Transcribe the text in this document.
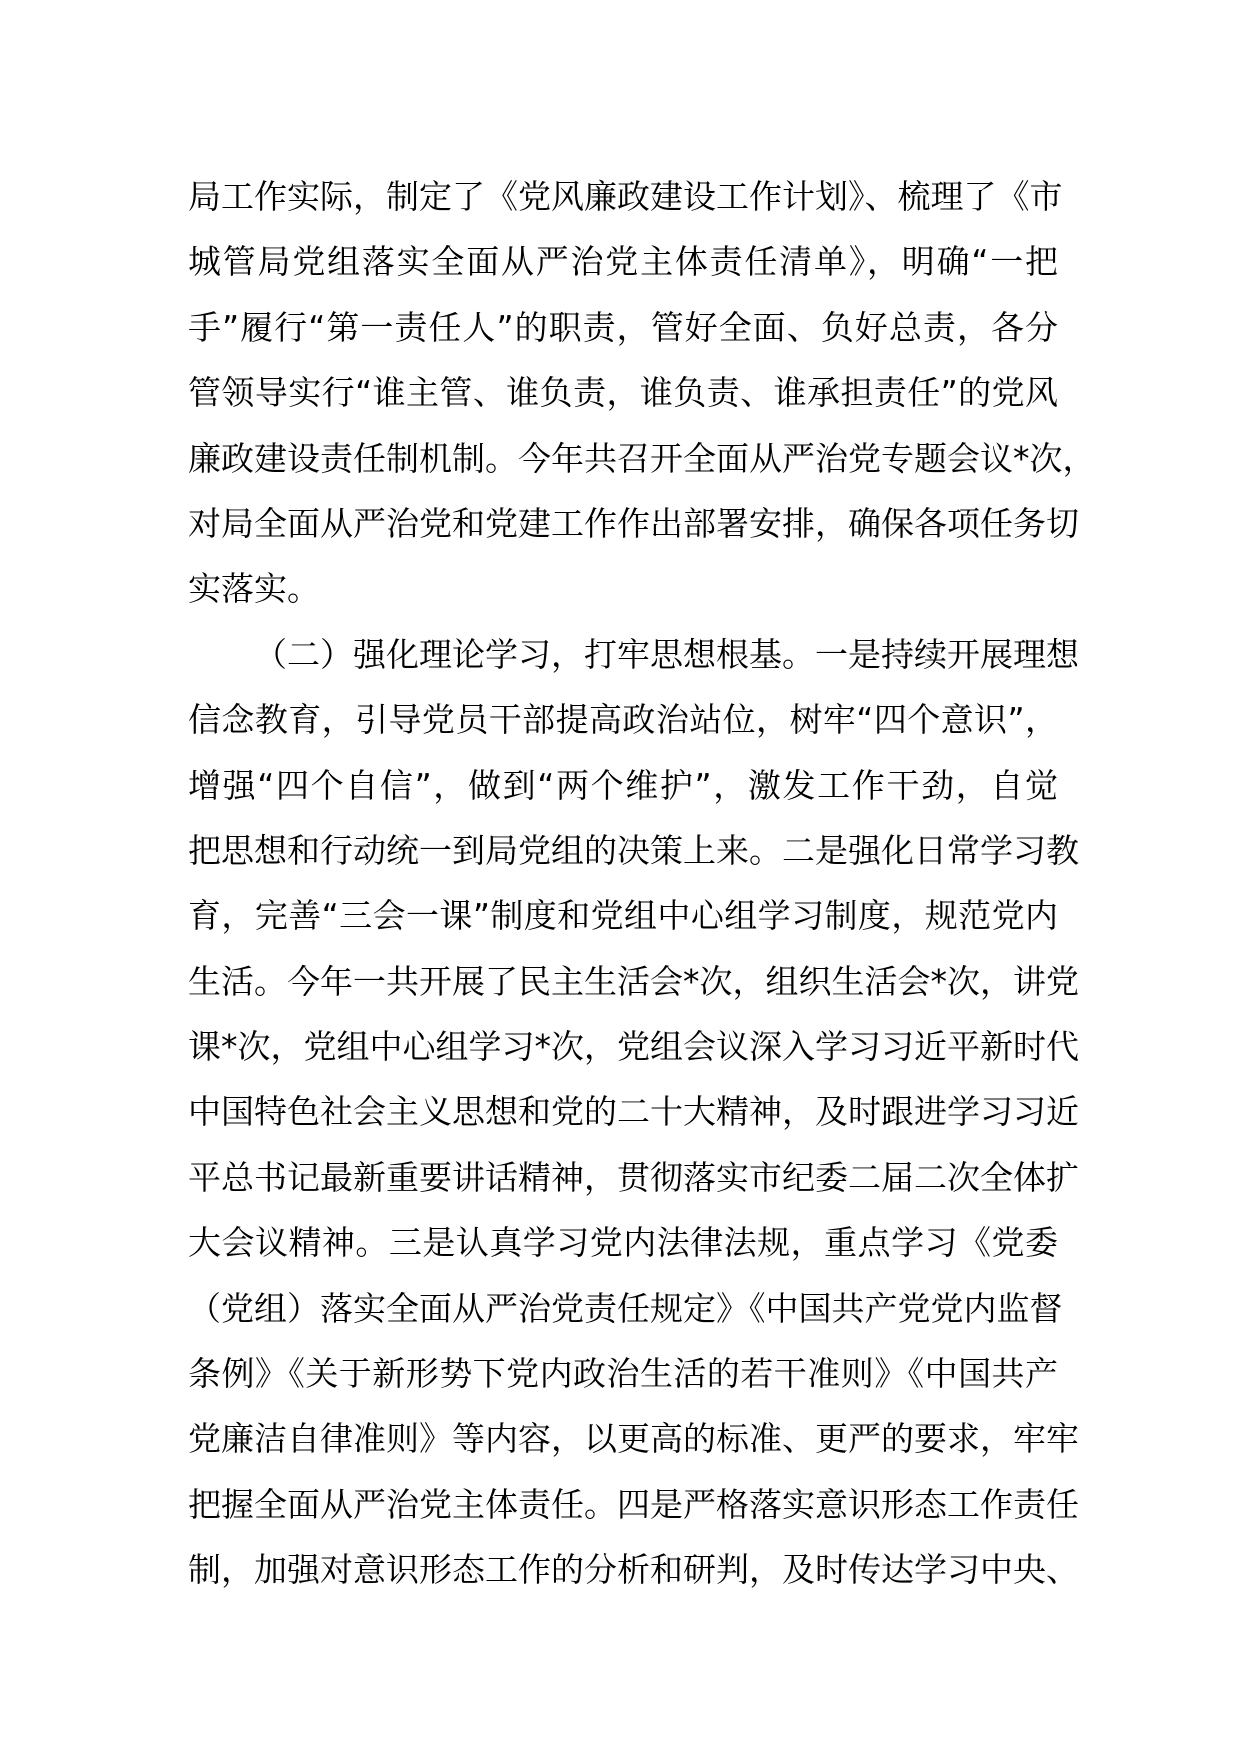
局工作实际，制定了《党风廉政建设工作计划》、梳理了《市
城管局党组落实全面从严治党主体责任清单》，明确“一把
手”履行“第一责任人”的职责，管好全面、负好总责，各分
管领导实行“谁主管、谁负责，谁负责、谁承担责任”的党风
廉政建设责任制机制。今年共召开全面从严治党专题会议*次，
对局全面从严治党和党建工作作出部署安排，确保各项任务切
实落实。
（二）强化理论学习，打牢思想根基。一是持续开展理想
信念教育，引导党员干部提高政治站位，树牢“四个意识”，
增强“四个自信”，做到“两个维护”，激发工作干劲，自觉
把思想和行动统一到局党组的决策上来。二是强化日常学习教
育，完善“三会一课”制度和党组中心组学习制度，规范党内
生活。今年一共开展了民主生活会*次，组织生活会*次，讲党
课*次，党组中心组学习*次，党组会议深入学习习近平新时代
中国特色社会主义思想和党的二十大精神，及时跟进学习习近
平总书记最新重要讲话精神，贯彻落实市纪委二届二次全体扩
大会议精神。三是认真学习党内法律法规，重点学习《党委
（党组）落实全面从严治党责任规定》《中国共产党党内监督
条例》《关于新形势下党内政治生活的若干准则》《中国共产
党廉洁自律准则》等内容，以更高的标准、更严的要求，牢牢
把握全面从严治党主体责任。四是严格落实意识形态工作责任
制，加强对意识形态工作的分析和研判，及时传达学习中央、
